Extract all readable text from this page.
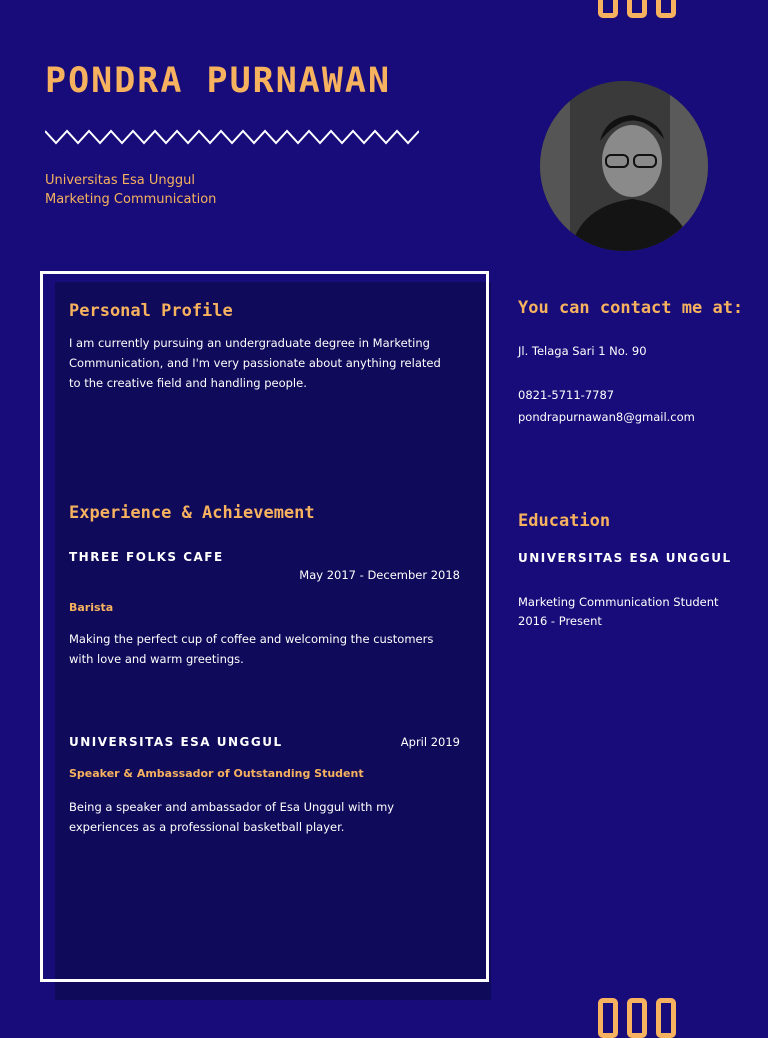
PONDRA PURNAWAN
Universitas Esa Unggul
Marketing Communication
Personal Profile
I am currently pursuing an undergraduate degree in Marketing
Communication, and I'm very passionate about anything related
to the creative field and handling people.
Experience & Achievement
THREE FOLKS CAFE
May 2017 - December 2018
Barista
Making the perfect cup of coffee and welcoming the customers
with love and warm greetings.
UNIVERSITAS ESA UNGGUL	April 2019
Speaker & Ambassador of Outstanding Student
Being a speaker and ambassador of Esa Unggul with my
experiences as a professional basketball player.
You can contact me at:
Jl. Telaga Sari 1 No. 90
0821-5711-7787
pondrapurnawan8@gmail.com
Education
UNIVERSITAS ESA UNGGUL
Marketing Communication Student
2016 - Present
